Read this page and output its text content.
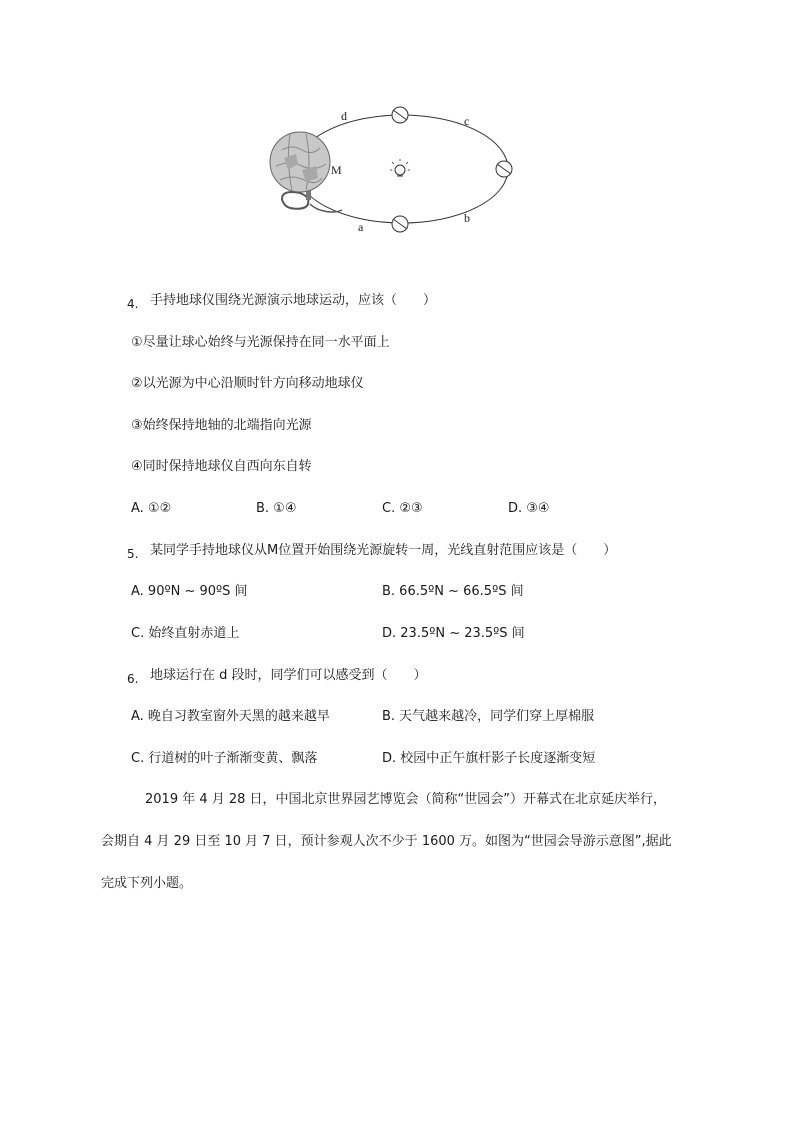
d	c
b
a
M
4. 手持地球仪围绕光源演示地球运动，应该（　　）
①尽量让球心始终与光源保持在同一水平面上
②以光源为中心沿顺时针方向移动地球仪
③始终保持地轴的北端指向光源
④同时保持地球仪自西向东自转
A. ①②	B. ①④	C. ②③	D. ③④
5. 某同学手持地球仪从M位置开始围绕光源旋转一周，光线直射范围应该是（　　）
A. 90ºN ~ 90ºS 间	B. 66.5ºN ~ 66.5ºS 间
C. 始终直射赤道上	D. 23.5ºN ~ 23.5ºS 间
6. 地球运行在 d 段时，同学们可以感受到（　　）
A. 晚自习教室窗外天黑的越来越早	B. 天气越来越冷，同学们穿上厚棉服
C. 行道树的叶子渐渐变黄、飘落	D. 校园中正午旗杆影子长度逐渐变短
2019 年 4 月 28 日，中国北京世界园艺博览会（简称“世园会”）开幕式在北京延庆举行，
会期自 4 月 29 日至 10 月 7 日，预计参观人次不少于 1600 万。如图为“世园会导游示意图”,据此
完成下列小题。
